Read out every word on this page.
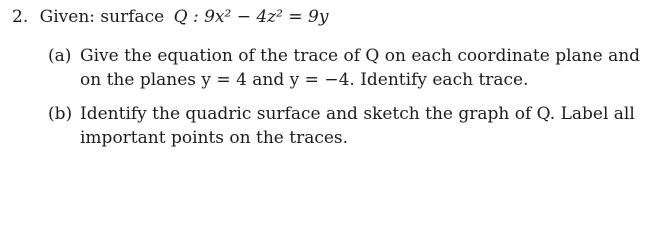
2. Given: surface Q : 9x² − 4z² = 9y
(a) Give the equation of the trace of Q on each coordinate plane and
on the planes y = 4 and y = −4. Identify each trace.
(b) Identify the quadric surface and sketch the graph of Q. Label all
important points on the traces.
